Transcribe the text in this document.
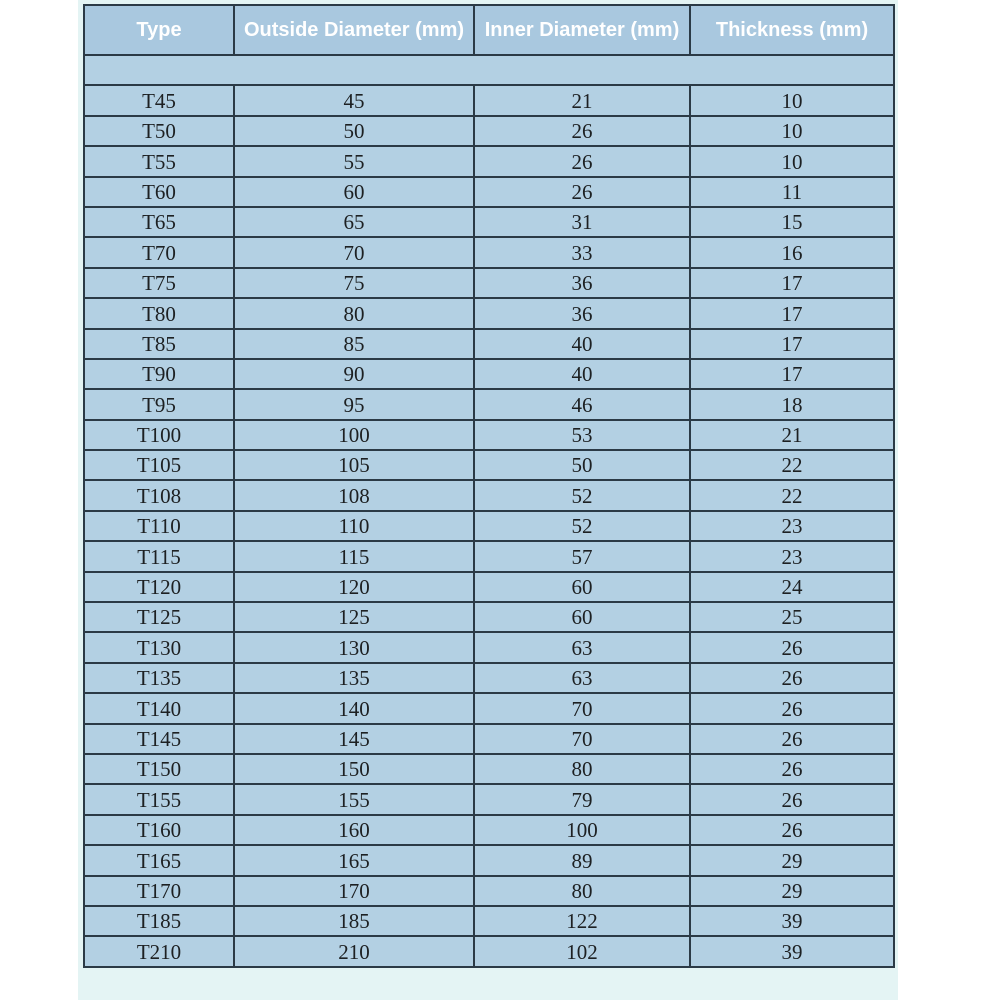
Type	Outside Diameter (mm)	Inner Diameter (mm)	Thickness (mm)

T45	45	21	10
T50	50	26	10
T55	55	26	10
T60	60	26	11
T65	65	31	15
T70	70	33	16
T75	75	36	17
T80	80	36	17
T85	85	40	17
T90	90	40	17
T95	95	46	18
T100	100	53	21
T105	105	50	22
T108	108	52	22
T110	110	52	23
T115	115	57	23
T120	120	60	24
T125	125	60	25
T130	130	63	26
T135	135	63	26
T140	140	70	26
T145	145	70	26
T150	150	80	26
T155	155	79	26
T160	160	100	26
T165	165	89	29
T170	170	80	29
T185	185	122	39
T210	210	102	39
